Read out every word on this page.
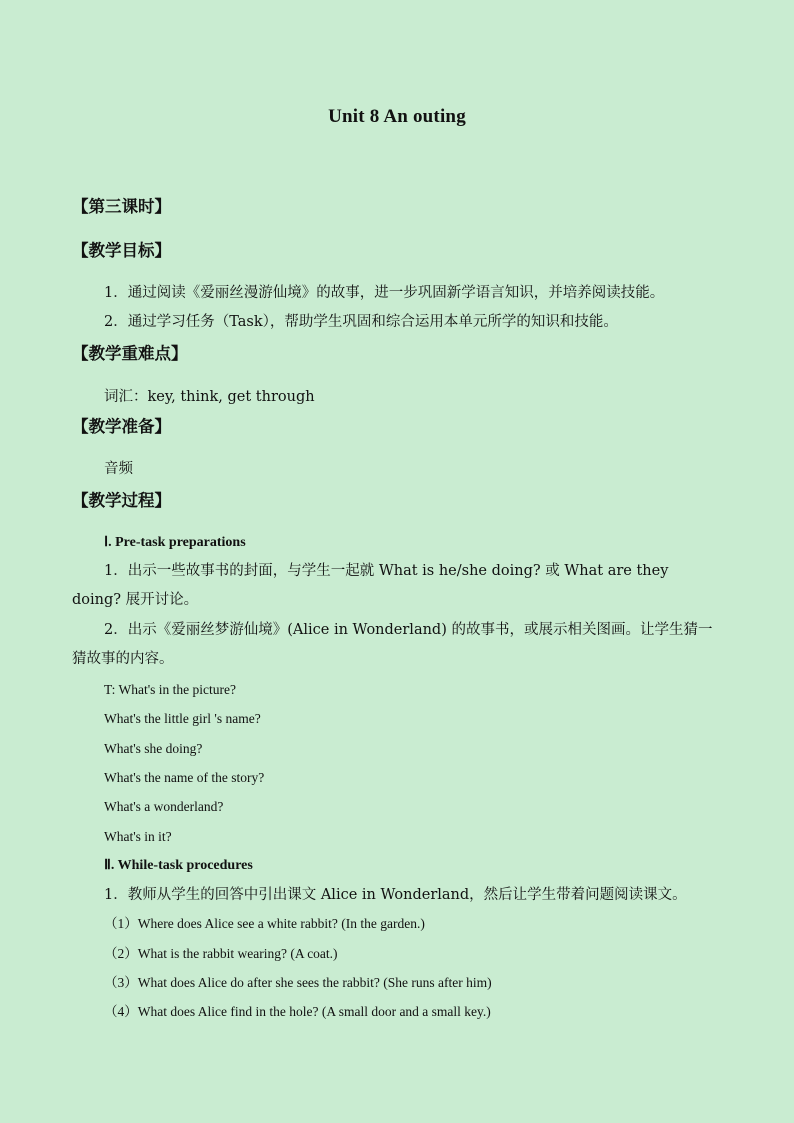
Unit 8 An outing
【第三课时】
【教学目标】
1．通过阅读《爱丽丝漫游仙境》的故事，进一步巩固新学语言知识，并培养阅读技能。
2．通过学习任务（Task），帮助学生巩固和综合运用本单元所学的知识和技能。
【教学重难点】
词汇：key, think, get through
【教学准备】
音频
【教学过程】
Ⅰ. Pre-task preparations
1．出示一些故事书的封面，与学生一起就 What is he/she doing? 或 What are they doing? 展开讨论。
2．出示《爱丽丝梦游仙境》(Alice in Wonderland) 的故事书，或展示相关图画。让学生猜一猜故事的内容。
T: What's in the picture?
What's the little girl 's name?
What's she doing?
What's the name of the story?
What's a wonderland?
What's in it?
Ⅱ. While-task procedures
1．教师从学生的回答中引出课文 Alice in Wonderland，然后让学生带着问题阅读课文。
（1）Where does Alice see a white rabbit? (In the garden.)
（2）What is the rabbit wearing? (A coat.)
（3）What does Alice do after she sees the rabbit? (She runs after him)
（4）What does Alice find in the hole? (A small door and a small key.)
